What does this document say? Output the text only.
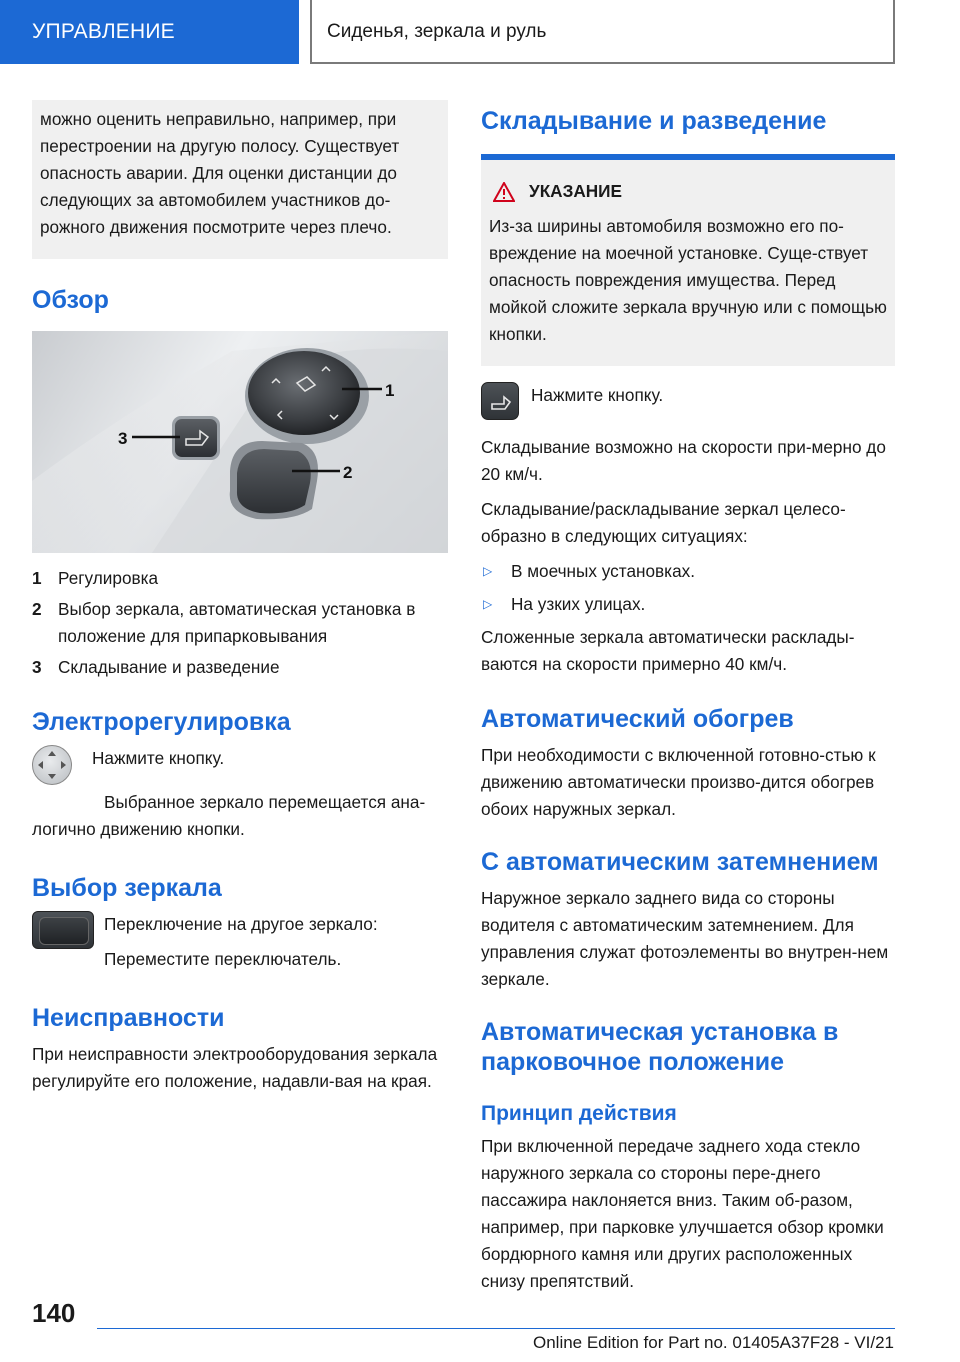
УПРАВЛЕНИЕ	Сиденья, зеркала и руль
можно оценить неправильно, например, при перестроении на другую полосу. Существует опасность аварии. Для оценки дистанции до следующих за автомобилем участников до-рожного движения посмотрите через плечо.
Обзор
1
2
3
1 Регулировка
2 Выбор зеркала, автоматическая установка в положение для припарковывания
3 Складывание и разведение
Электрорегулировка

Нажмите кнопку.

Выбранное зеркало перемещается ана-логично движению кнопки.

Выбор зеркала

Переключение на другое зеркало:

Переместите переключатель.

Неисправности

При неисправности электрооборудования зеркала регулируйте его положение, надавли-вая на края.

Складывание и разведение
УКАЗАНИЕ

Из-за ширины автомобиля возможно его по-вреждение на моечной установке. Суще-ствует опасность повреждения имущества. Перед мойкой сложите зеркала вручную или с помощью кнопки.

Нажмите кнопку.

Складывание возможно на скорости при-мерно до 20 км/ч.

Складывание/раскладывание зеркал целесо-образно в следующих ситуациях:

▷	В моечных установках.
▷	На узких улицах.

Сложенные зеркала автоматически расклады-ваются на скорости примерно 40 км/ч.

Автоматический обогрев

При необходимости с включенной готовно-стью к движению автоматически произво-дится обогрев обоих наружных зеркал.

С автоматическим затемнением

Наружное зеркало заднего вида со стороны водителя с автоматическим затемнением. Для управления служат фотоэлементы во внутрен-нем зеркале.

Автоматическая установка в парковочное положение
Принцип действия

При включенной передаче заднего хода стекло наружного зеркала со стороны пере-днего пассажира наклоняется вниз. Таким об-разом, например, при парковке улучшается обзор кромки бордюрного камня или других расположенных снизу препятствий.

140
Online Edition for Part no. 01405A37F28 - VI/21
